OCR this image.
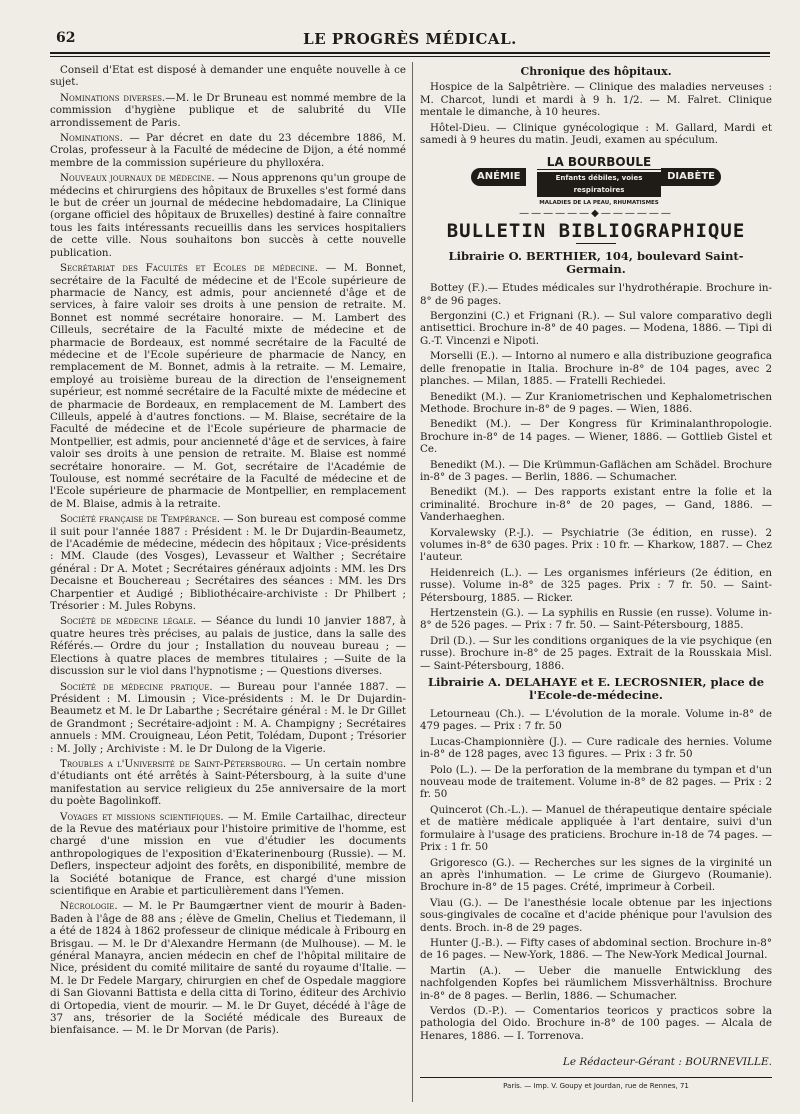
62	LE PROGRÈS MÉDICAL.

Conseil d'Etat est disposé à demander une enquête nouvelle à ce sujet.

Nominations diverses.—M. le Dr Bruneau est nommé membre de la commission d'hygiène publique et de salubrité du VIIe arrondissement de Paris.

Nominations. — Par décret en date du 23 décembre 1886, M. Crolas, professeur à la Faculté de médecine de Dijon, a été nommé membre de la commission supérieure du phylloxéra.

Nouveaux journaux de médecine. — Nous apprenons qu'un groupe de médecins et chirurgiens des hôpitaux de Bruxelles s'est formé dans le but de créer un journal de médecine hebdomadaire, La Clinique (organe officiel des hôpitaux de Bruxelles) destiné à faire connaître tous les faits intéressants recueillis dans les services hospitaliers de cette ville. Nous souhaitons bon succès à cette nouvelle publication.

Secrétariat des Facultés et Ecoles de médecine. — M. Bonnet, secrétaire de la Faculté de médecine et de l'Ecole supérieure de pharmacie de Nancy, est admis, pour ancienneté d'âge et de services, à faire valoir ses droits à une pension de retraite. M. Bonnet est nommé secrétaire honoraire. — M. Lambert des Cilleuls, secrétaire de la Faculté mixte de médecine et de pharmacie de Bordeaux, est nommé secrétaire de la Faculté de médecine et de l'Ecole supérieure de pharmacie de Nancy, en remplacement de M. Bonnet, admis à la retraite. — M. Lemaire, employé au troisième bureau de la direction de l'enseignement supérieur, est nommé secrétaire de la Faculté mixte de médecine et de pharmacie de Bordeaux, en remplacement de M. Lambert des Cilleuls, appelé à d'autres fonctions. — M. Blaise, secrétaire de la Faculté de médecine et de l'Ecole supérieure de pharmacie de Montpellier, est admis, pour ancienneté d'âge et de services, à faire valoir ses droits à une pension de retraite. M. Blaise est nommé secrétaire honoraire. — M. Got, secrétaire de l'Académie de Toulouse, est nommé secrétaire de la Faculté de médecine et de l'Ecole supérieure de pharmacie de Montpellier, en remplacement de M. Blaise, admis à la retraite.

Société française de Tempérance. — Son bureau est composé comme il suit pour l'année 1887 : Président : M. le Dr Dujardin-Beaumetz, de l'Académie de médecine, médecin des hôpitaux ; Vice-présidents : MM. Claude (des Vosges), Levasseur et Walther ; Secrétaire général : Dr A. Motet ; Secrétaires généraux adjoints : MM. les Drs Decaisne et Bouchereau ; Secrétaires des séances : MM. les Drs Charpentier et Audigé ; Bibliothécaire-archiviste : Dr Philbert ; Trésorier : M. Jules Robyns.

Société de médecine légale. — Séance du lundi 10 janvier 1887, à quatre heures très précises, au palais de justice, dans la salle des Référés.— Ordre du jour ; Installation du nouveau bureau ; — Elections à quatre places de membres titulaires ; —Suite de la discussion sur le viol dans l'hypnotisme ; — Questions diverses.

Société de médecine pratique. — Bureau pour l'année 1887. — Président : M. Limousin ; Vice-présidents : M. le Dr Dujardin-Beaumetz et M. le Dr Labarthe ; Secrétaire général : M. le Dr Gillet de Grandmont ; Secrétaire-adjoint : M. A. Champigny ; Secrétaires annuels : MM. Crouigneau, Léon Petit, Tolédam, Dupont ; Trésorier : M. Jolly ; Archiviste : M. le Dr Dulong de la Vigerie.

Troubles a l'Université de Saint-Pétersbourg. — Un certain nombre d'étudiants ont été arrêtés à Saint-Pétersbourg, à la suite d'une manifestation au service religieux du 25e anniversaire de la mort du poète Bagolinkoff.

Voyages et missions scientifiques. — M. Emile Cartailhac, directeur de la Revue des matériaux pour l'histoire primitive de l'homme, est chargé d'une mission en vue d'étudier les documents anthropologiques de l'exposition d'Ekaterinenbourg (Russie). — M. Deflers, inspecteur adjoint des forêts, en disponibilité, membre de la Société botanique de France, est chargé d'une mission scientifique en Arabie et particulièrement dans l'Yemen.

Nécrologie. — M. le Pr Baumgærtner vient de mourir à Baden-Baden à l'âge de 88 ans ; élève de Gmelin, Chelius et Tiedemann, il a été de 1824 à 1862 professeur de clinique médicale à Fribourg en Brisgau. — M. le Dr d'Alexandre Hermann (de Mulhouse). — M. le général Manayra, ancien médecin en chef de l'hôpital militaire de Nice, président du comité militaire de santé du royaume d'Italie. — M. le Dr Fedele Margary, chirurgien en chef de Ospedale maggiore di San Giovanni Battista e della citta di Torino, éditeur des Archivio di Ortopedia, vient de mourir. — M. le Dr Guyet, décédé à l'âge de 37 ans, trésorier de la Société médicale des Bureaux de bienfaisance. — M. le Dr Morvan (de Paris).

Chronique des hôpitaux.

Hospice de la Salpêtrière. — Clinique des maladies nerveuses : M. Charcot, lundi et mardi à 9 h. 1/2. — M. Falret. Clinique mentale le dimanche, à 10 heures.

Hôtel-Dieu. — Clinique gynécologique : M. Gallard, Mardi et samedi à 9 heures du matin. Jeudi, examen au spéculum.

ANÉMIE
LA BOURBOULE
Enfants débiles, voies respiratoires
MALADIES DE LA PEAU, RHUMATISMES
DIABÈTE
——————◆——————
BULLETIN BIBLIOGRAPHIQUE
Librairie O. BERTHIER, 104, boulevard Saint-Germain.

Bottey (F.).— Etudes médicales sur l'hydrothérapie. Brochure in-8° de 96 pages.

Bergonzini (C.) et Frignani (R.). — Sul valore comparativo degli antisettici. Brochure in-8° de 40 pages. — Modena, 1886. — Tipi di G.-T. Vincenzi e Nipoti.

Morselli (E.). — Intorno al numero e alla distribuzione geografica delle frenopatie in Italia. Brochure in-8° de 104 pages, avec 2 planches. — Milan, 1885. — Fratelli Rechiedei.

Benedikt (M.). — Zur Kraniometrischen und Kephalometrischen Methode. Brochure in-8° de 9 pages. — Wien, 1886.

Benedikt (M.). — Der Kongress für Kriminalanthropologie. Brochure in-8° de 14 pages. — Wiener, 1886. — Gottlieb Gistel et Ce.

Benedikt (M.). — Die Krümmun-Gaflächen am Schädel. Brochure in-8° de 3 pages. — Berlin, 1886. — Schumacher.

Benedikt (M.). — Des rapports existant entre la folie et la criminalité. Brochure in-8° de 20 pages, — Gand, 1886. — Vanderhaeghen.

Korvalewsky (P.-J.). — Psychiatrie (3e édition, en russe). 2 volumes in-8° de 630 pages. Prix : 10 fr. — Kharkow, 1887. — Chez l'auteur.

Heidenreich (L.). — Les organismes inférieurs (2e édition, en russe). Volume in-8° de 325 pages. Prix : 7 fr. 50. — Saint-Pétersbourg, 1885. — Ricker.

Hertzenstein (G.). — La syphilis en Russie (en russe). Volume in-8° de 526 pages. — Prix : 7 fr. 50. — Saint-Pétersbourg, 1885.

Dril (D.). — Sur les conditions organiques de la vie psychique (en russe). Brochure in-8° de 25 pages. Extrait de la Rousskaia Misl. — Saint-Pétersbourg, 1886.

Librairie A. DELAHAYE et E. LECROSNIER, place de l'Ecole-de-médecine.

Letourneau (Ch.). — L'évolution de la morale. Volume in-8° de 479 pages. — Prix : 7 fr. 50

Lucas-Championnière (J.). — Cure radicale des hernies. Volume in-8° de 128 pages, avec 13 figures. — Prix : 3 fr. 50

Polo (L.). — De la perforation de la membrane du tympan et d'un nouveau mode de traitement. Volume in-8° de 82 pages. — Prix : 2 fr. 50

Quincerot (Ch.-L.). — Manuel de thérapeutique dentaire spéciale et de matière médicale appliquée à l'art dentaire, suivi d'un formulaire à l'usage des praticiens. Brochure in-18 de 74 pages. — Prix : 1 fr. 50

Grigoresco (G.). — Recherches sur les signes de la virginité un an après l'inhumation. — Le crime de Giurgevo (Roumanie). Brochure in-8° de 15 pages. Crété, imprimeur à Corbeil.

Viau (G.). — De l'anesthésie locale obtenue par les injections sous-gingivales de cocaïne et d'acide phénique pour l'avulsion des dents. Broch. in-8 de 29 pages.

Hunter (J.-B.). — Fifty cases of abdominal section. Brochure in-8° de 16 pages. — New-York, 1886. — The New-York Medical Journal.

Martin (A.). — Ueber die manuelle Entwicklung des nachfolgenden Kopfes bei räumlichem Missverhältniss. Brochure in-8° de 8 pages. — Berlin, 1886. — Schumacher.

Verdos (D.-P.). — Comentarios teoricos y practicos sobre la pathologia del Oido. Brochure in-8° de 100 pages. — Alcala de Henares, 1886. — I. Torrenova.

Le Rédacteur-Gérant : BOURNEVILLE.
Paris. — Imp. V. Goupy et Jourdan, rue de Rennes, 71
